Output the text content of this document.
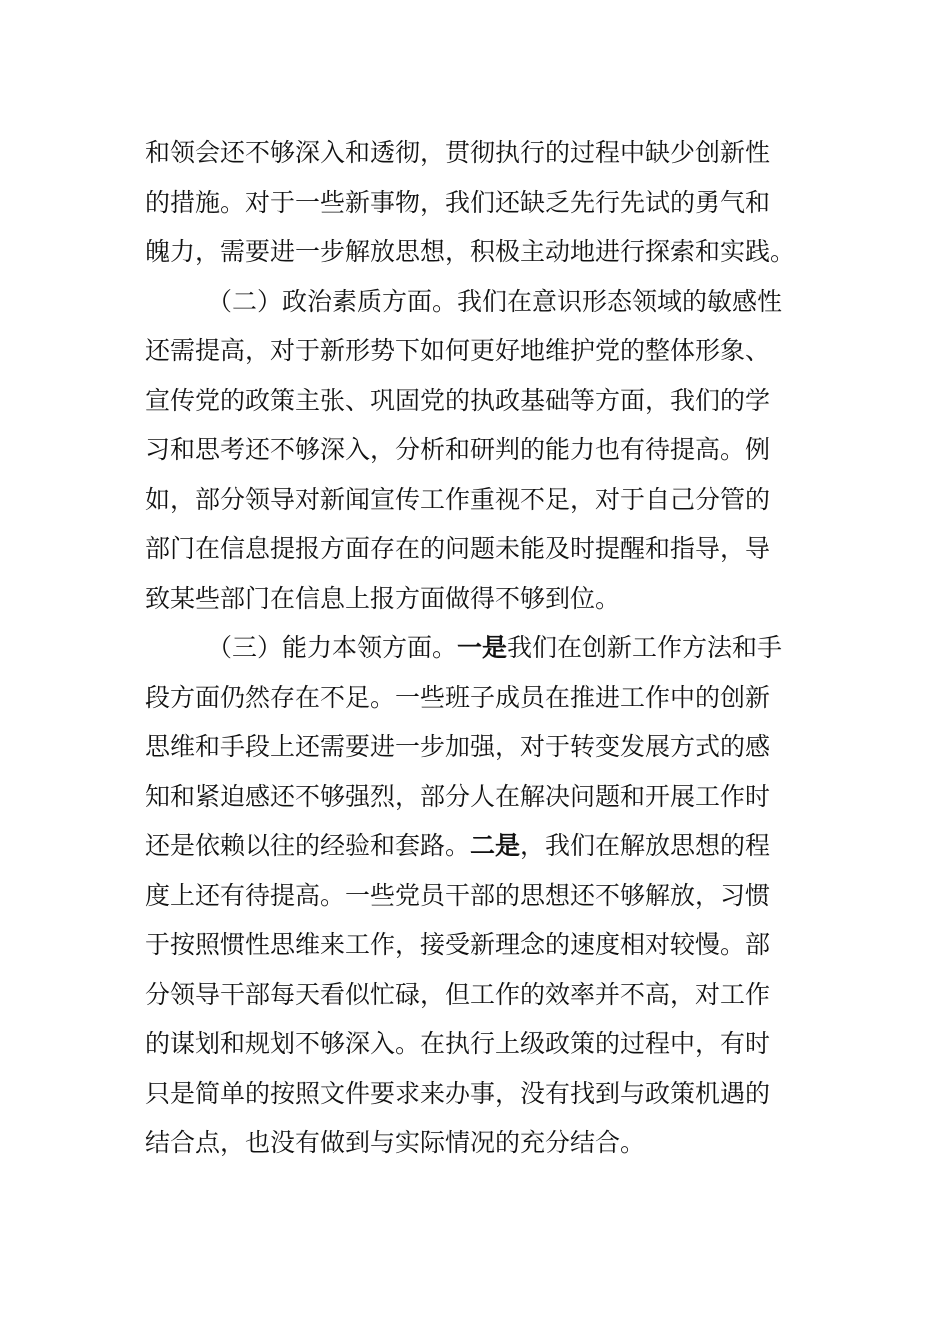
和领会还不够深入和透彻，贯彻执行的过程中缺少创新性
的措施。对于一些新事物，我们还缺乏先行先试的勇气和
魄力，需要进一步解放思想，积极主动地进行探索和实践。
（二）政治素质方面。我们在意识形态领域的敏感性
还需提高，对于新形势下如何更好地维护党的整体形象、
宣传党的政策主张、巩固党的执政基础等方面，我们的学
习和思考还不够深入，分析和研判的能力也有待提高。例
如，部分领导对新闻宣传工作重视不足，对于自己分管的
部门在信息提报方面存在的问题未能及时提醒和指导，导
致某些部门在信息上报方面做得不够到位。
（三）能力本领方面。一是我们在创新工作方法和手
段方面仍然存在不足。一些班子成员在推进工作中的创新
思维和手段上还需要进一步加强，对于转变发展方式的感
知和紧迫感还不够强烈，部分人在解决问题和开展工作时
还是依赖以往的经验和套路。二是，我们在解放思想的程
度上还有待提高。一些党员干部的思想还不够解放，习惯
于按照惯性思维来工作，接受新理念的速度相对较慢。部
分领导干部每天看似忙碌，但工作的效率并不高，对工作
的谋划和规划不够深入。在执行上级政策的过程中，有时
只是简单的按照文件要求来办事，没有找到与政策机遇的
结合点，也没有做到与实际情况的充分结合。
